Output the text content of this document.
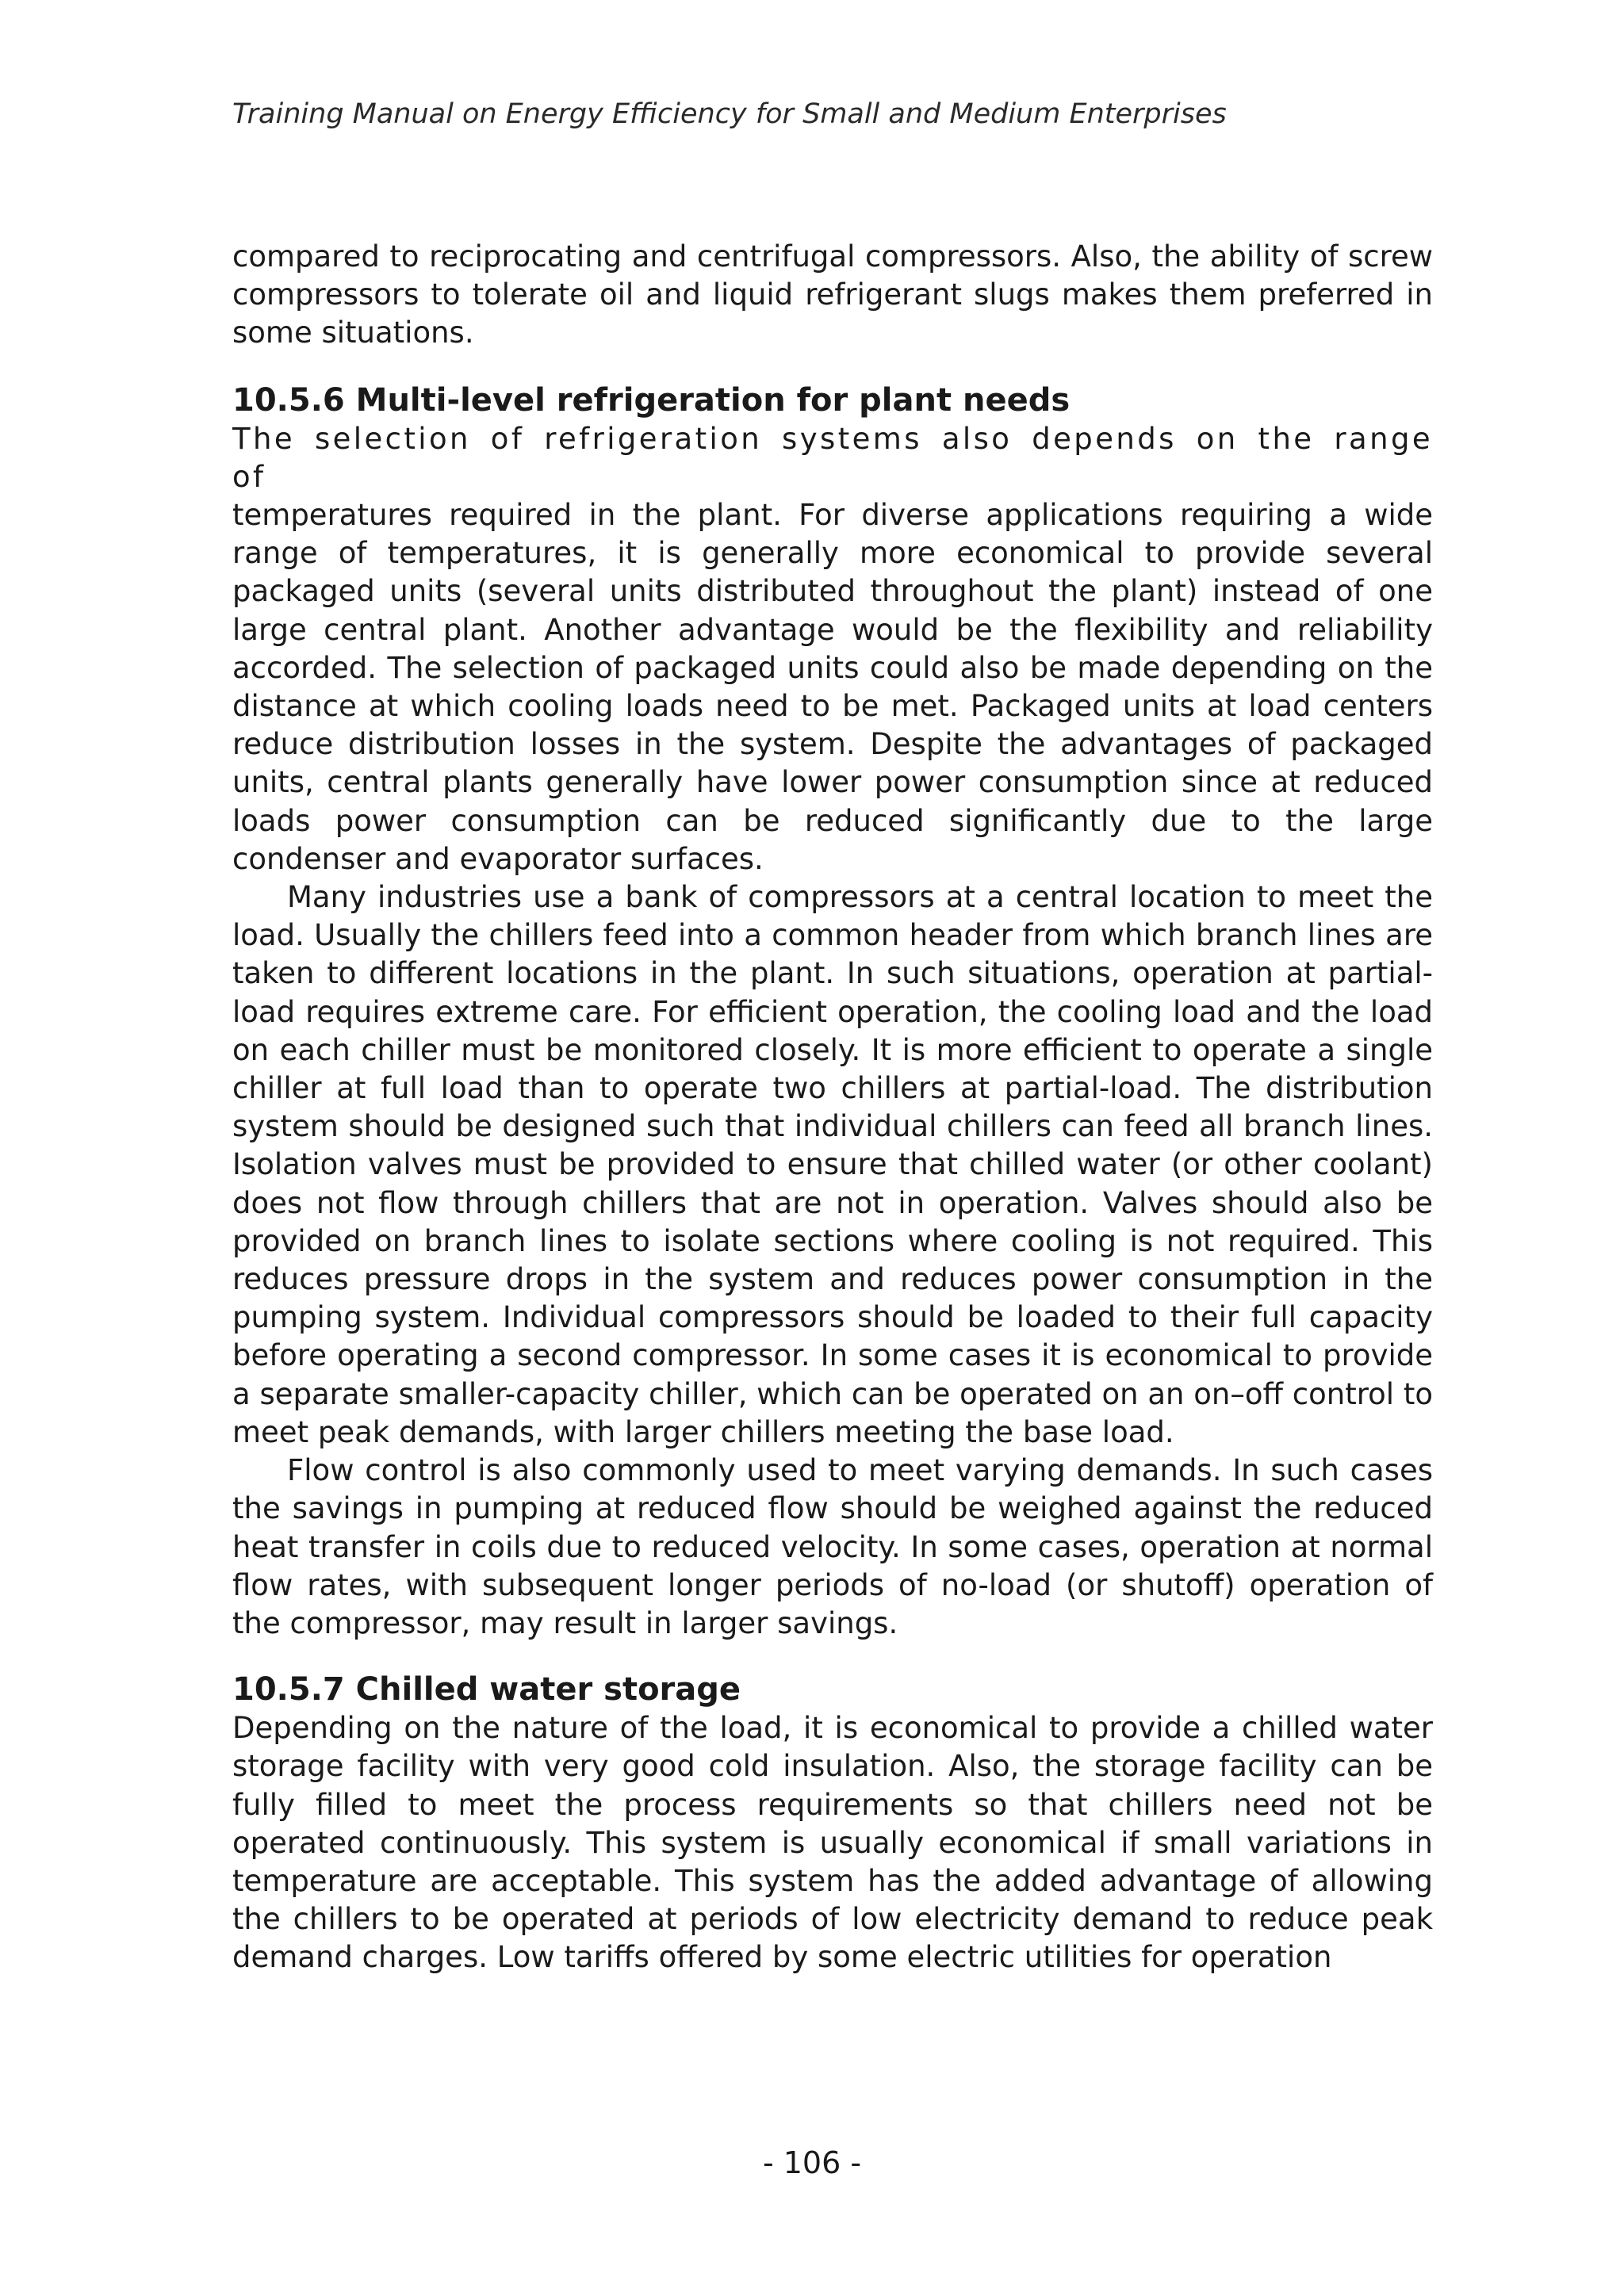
Training Manual on Energy Efficiency for Small and Medium Enterprises

compared to reciprocating and centrifugal compressors. Also, the ability of screw compressors to tolerate oil and liquid refrigerant slugs makes them preferred in some situations.

10.5.6 Multi-level refrigeration for plant needs

The selection of refrigeration systems also depends on the range of

temperatures required in the plant. For diverse applications requiring a wide range of temperatures, it is generally more economical to provide several packaged units (several units distributed throughout the plant) instead of one large central plant. Another advantage would be the flexibility and reliability accorded. The selection of packaged units could also be made depending on the distance at which cooling loads need to be met. Packaged units at load centers reduce distribution losses in the system. Despite the advantages of packaged units, central plants generally have lower power consumption since at reduced loads power consumption can be reduced significantly due to the large condenser and evaporator surfaces.

Many industries use a bank of compressors at a central location to meet the load. Usually the chillers feed into a common header from which branch lines are taken to different locations in the plant. In such situations, operation at partial-load requires extreme care. For efficient operation, the cooling load and the load on each chiller must be monitored closely. It is more efficient to operate a single chiller at full load than to operate two chillers at partial-load. The distribution system should be designed such that individual chillers can feed all branch lines. Isolation valves must be provided to ensure that chilled water (or other coolant) does not flow through chillers that are not in operation. Valves should also be provided on branch lines to isolate sections where cooling is not required. This reduces pressure drops in the system and reduces power consumption in the pumping system. Individual compressors should be loaded to their full capacity before operating a second compressor. In some cases it is economical to provide a separate smaller-capacity chiller, which can be operated on an on–off control to meet peak demands, with larger chillers meeting the base load.

Flow control is also commonly used to meet varying demands. In such cases the savings in pumping at reduced flow should be weighed against the reduced heat transfer in coils due to reduced velocity. In some cases, operation at normal flow rates, with subsequent longer periods of no-load (or shutoff) operation of the compressor, may result in larger savings.

10.5.7 Chilled water storage

Depending on the nature of the load, it is economical to provide a chilled water storage facility with very good cold insulation. Also, the storage facility can be fully filled to meet the process requirements so that chillers need not be operated continuously. This system is usually economical if small variations in temperature are acceptable. This system has the added advantage of allowing the chillers to be operated at periods of low electricity demand to reduce peak demand charges. Low tariffs offered by some electric utilities for operation

- 106 -
